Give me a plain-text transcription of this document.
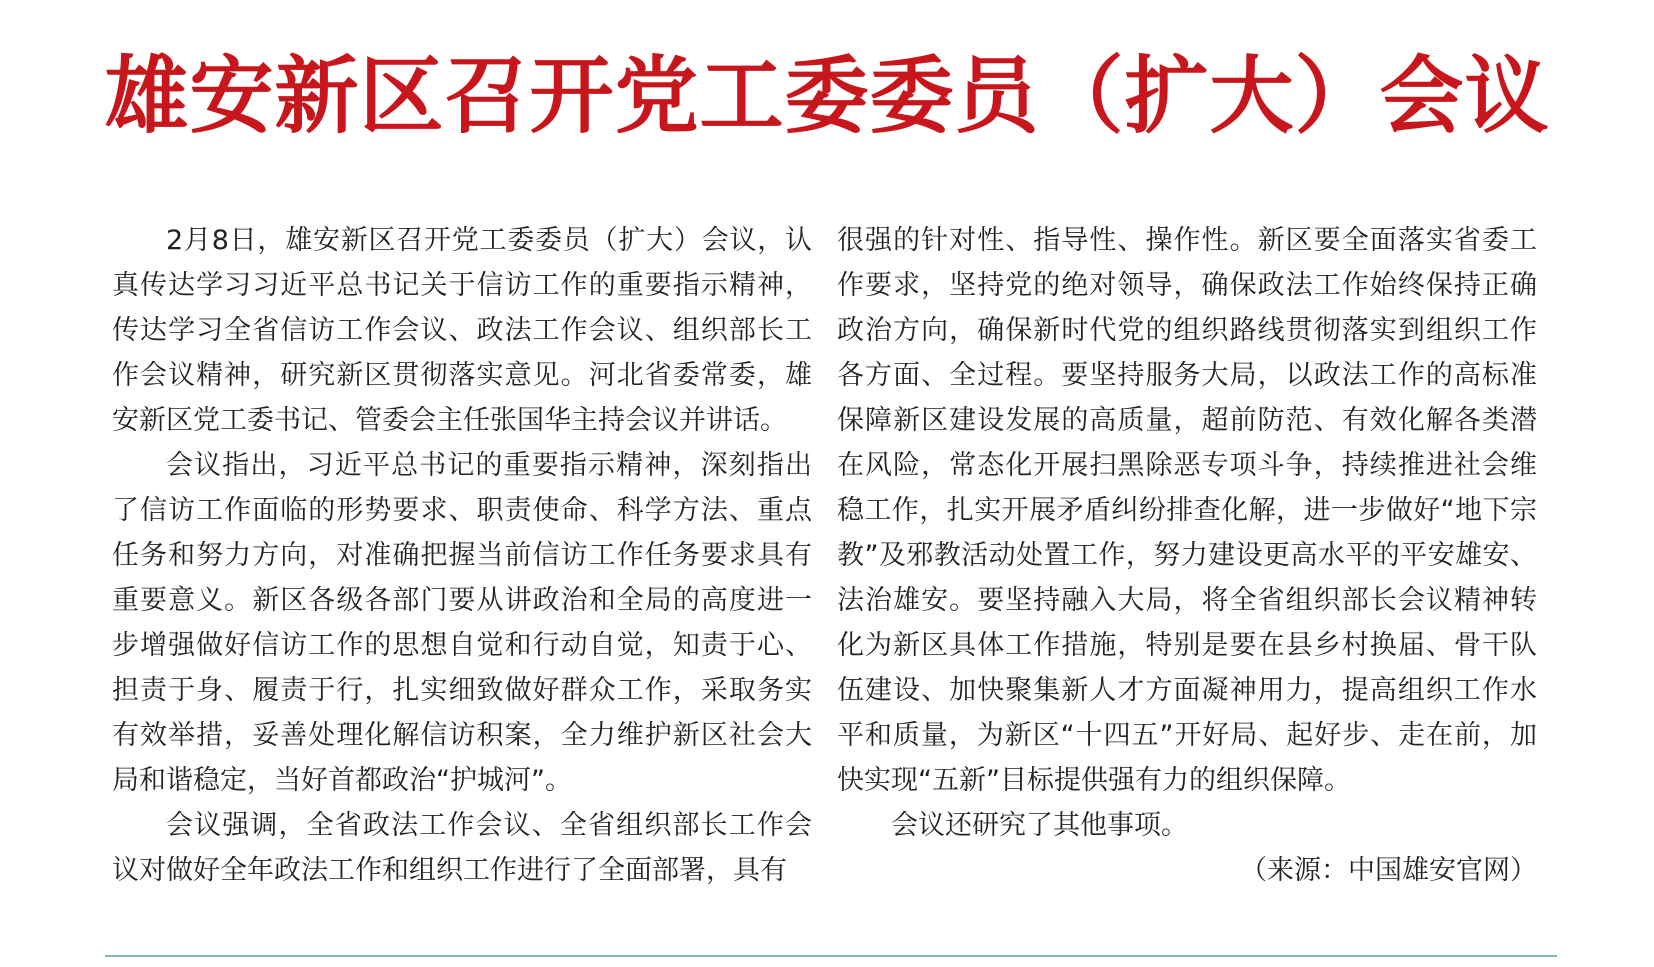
雄安新区召开党工委委员（扩大）会议

2月8日，雄安新区召开党工委委员（扩大）会议，认真传达学习习近平总书记关于信访工作的重要指示精神，传达学习全省信访工作会议、政法工作会议、组织部长工作会议精神，研究新区贯彻落实意见。河北省委常委，雄安新区党工委书记、管委会主任张国华主持会议并讲话。

会议指出，习近平总书记的重要指示精神，深刻指出了信访工作面临的形势要求、职责使命、科学方法、重点任务和努力方向，对准确把握当前信访工作任务要求具有重要意义。新区各级各部门要从讲政治和全局的高度进一步增强做好信访工作的思想自觉和行动自觉，知责于心、担责于身、履责于行，扎实细致做好群众工作，采取务实有效举措，妥善处理化解信访积案，全力维护新区社会大局和谐稳定，当好首都政治“护城河”。

会议强调，全省政法工作会议、全省组织部长工作会议对做好全年政法工作和组织工作进行了全面部署，具有

很强的针对性、指导性、操作性。新区要全面落实省委工作要求，坚持党的绝对领导，确保政法工作始终保持正确政治方向，确保新时代党的组织路线贯彻落实到组织工作各方面、全过程。要坚持服务大局，以政法工作的高标准保障新区建设发展的高质量，超前防范、有效化解各类潜在风险，常态化开展扫黑除恶专项斗争，持续推进社会维稳工作，扎实开展矛盾纠纷排查化解，进一步做好“地下宗教”及邪教活动处置工作，努力建设更高水平的平安雄安、法治雄安。要坚持融入大局，将全省组织部长会议精神转化为新区具体工作措施，特别是要在县乡村换届、骨干队伍建设、加快聚集新人才方面凝神用力，提高组织工作水平和质量，为新区“十四五”开好局、起好步、走在前，加快实现“五新”目标提供强有力的组织保障。

会议还研究了其他事项。

（来源：中国雄安官网）
